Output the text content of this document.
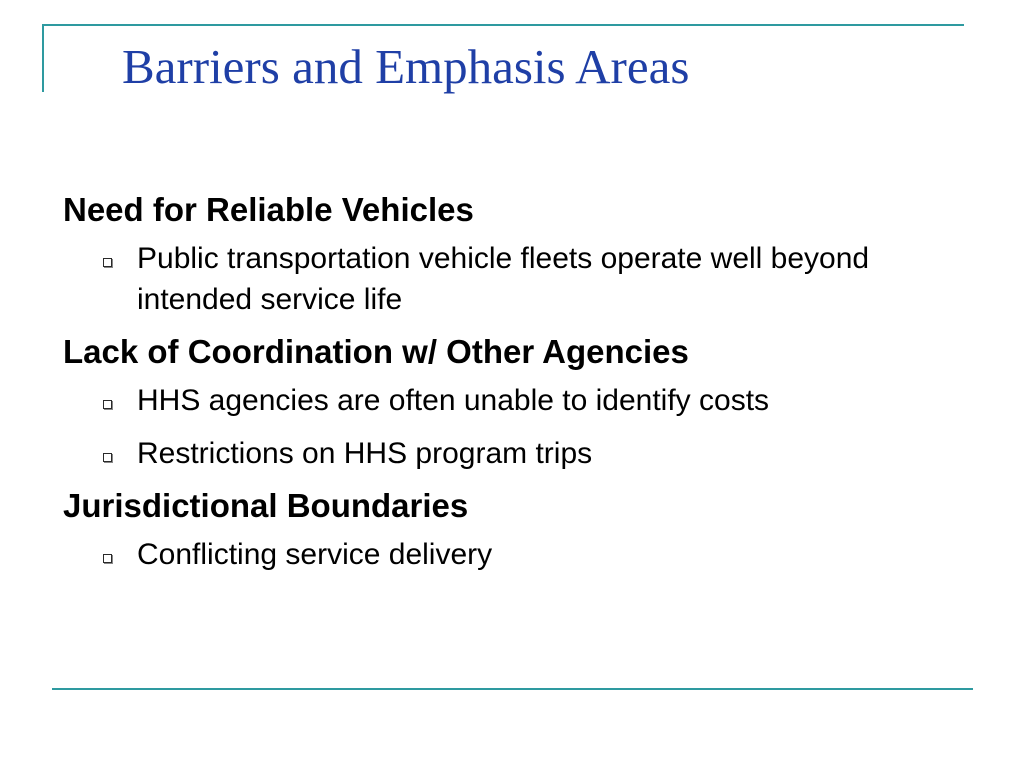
Barriers and Emphasis Areas
Need for Reliable Vehicles
Public transportation vehicle fleets operate well beyond intended service life
Lack of Coordination w/ Other Agencies
HHS agencies are often unable to identify costs
Restrictions on HHS program trips
Jurisdictional Boundaries
Conflicting service delivery
